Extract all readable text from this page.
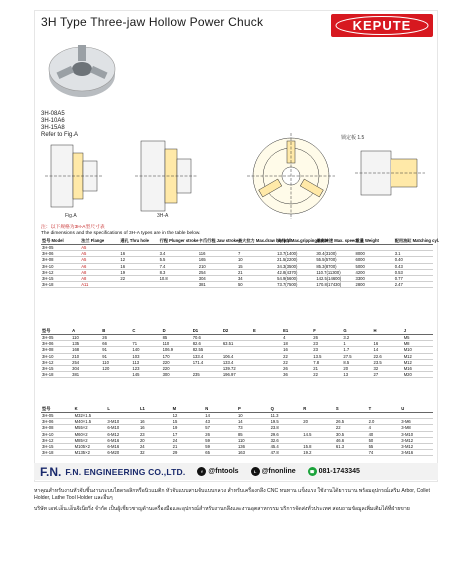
3H Type Three-jaw Hollow Power Chuck	KEPUTE
3H-08A5
3H-10A6
3H-15A8
Refer to Fig.A
Fig.A	3H-A
锁定板 1.5
注：以下规格为3H-A型尺寸表
The dimensions and the specifications of 3H-A types are in the table below.
型号 Model	法兰 Flange	通孔 Thru hole	行程 Plunger stroke	卡爪行程 Jaw stroke	最大拉力 Max.draw bar pull	夹持力 Max.gripping force	最高转速 Max. speed	重量 Weight	配用油缸 Matching cyl.
3H-05	A5								
3H-06	A5	16	3.4	116	7	13.7(1400)	30.4(3100)	8000	3.1
3H-08	A5	12	5.5	165	10	21.5(2200)	55.5(5700)	6000	0.40
3H-10	A6	16	7.4	210	15	34.3(3500)	85.3(8700)	5000	0.43
3H-12	A8	19	8.3	254	21	42.8(4370)	110.7(11300)	4200	0.53
3H-15	A8	22	10.8	304	34	54.9(5600)	142.5(14600)	3300	0.77
3H-18	A11			381	50	73.7(7500)	170.8(17430)	2800	2.47
型号	A	B	C	D	D1	D2	E	E1	F	G	H	J
3H-05	110	26		85	70.6			4	26	3.2		M5
3H-06	135	66	71	110	82.6	63.51		18	23	1	16	M8
3H-08	168	91	140	106.9	82.55			16	23	1.7	14	M10
3H-10	210	91	103	170	133.4	106.4		22	13.5	27.5	22.6	M12
3H-12	254	110	113	220	171.4	133.4		22	7.8	8.5	23.5	M12
3H-15	304	120	123	220		139.72		26	21	20	32	M16
3H-18	381		145	300	235	196.97		36	22	13	27	M20
型号	K	L	L1	M	N	P	Q	R	S	T	U
3H-05	M32×1.5			12	14	10	11.3				
3H-06	M40×1.5	3-M10	16	15	43	14	19.5	20	26.5	2.0	3-M6
3H-08	M55×2	6-M10	16	19	57	73	23.8		22	4	3-M8
3H-10	M60×2	6-M12	23	17	26	85	29.6	14.5	30.5	40	3-M10
3H-12	M85×2	6-M16	20	24	59	110	32.6		46.6	50	3-M12
3H-15	M105×2	6-M16	24	21	59	136	45.4	15.8	61.3	55	3-M12
3H-18	M135×2	6-M20	32	29	65	163	47.8	19.2		74	3-M16
F.N. F.N. ENGINEERING CO.,LTD.	f @fntools	L @fnonline	☎ 081-1743345

หาคุณสำหรับงานหัวจับชิ้นงานระบบไฮดรอลิกหรือนิวแมติก หัวจับแบบสามจับแบบกลวง สำหรับเครื่องกลึง CNC ทนทาน แข็งแรง ใช้งานได้ยาวนาน พร้อมอุปกรณ์เสริม Arbor, Collet Holder, Lathe Tool Holder และอื่นๆ

บริษัท เอฟ.เอ็น.เอ็นจิเนียริ่ง จำกัด เป็นผู้เชี่ยวชาญด้านเครื่องมือและอุปกรณ์สำหรับงานกลึงและงานอุตสาหกรรม บริการจัดส่งทั่วประเทศ สอบถามข้อมูลเพิ่มเติมได้ที่ฝ่ายขาย
